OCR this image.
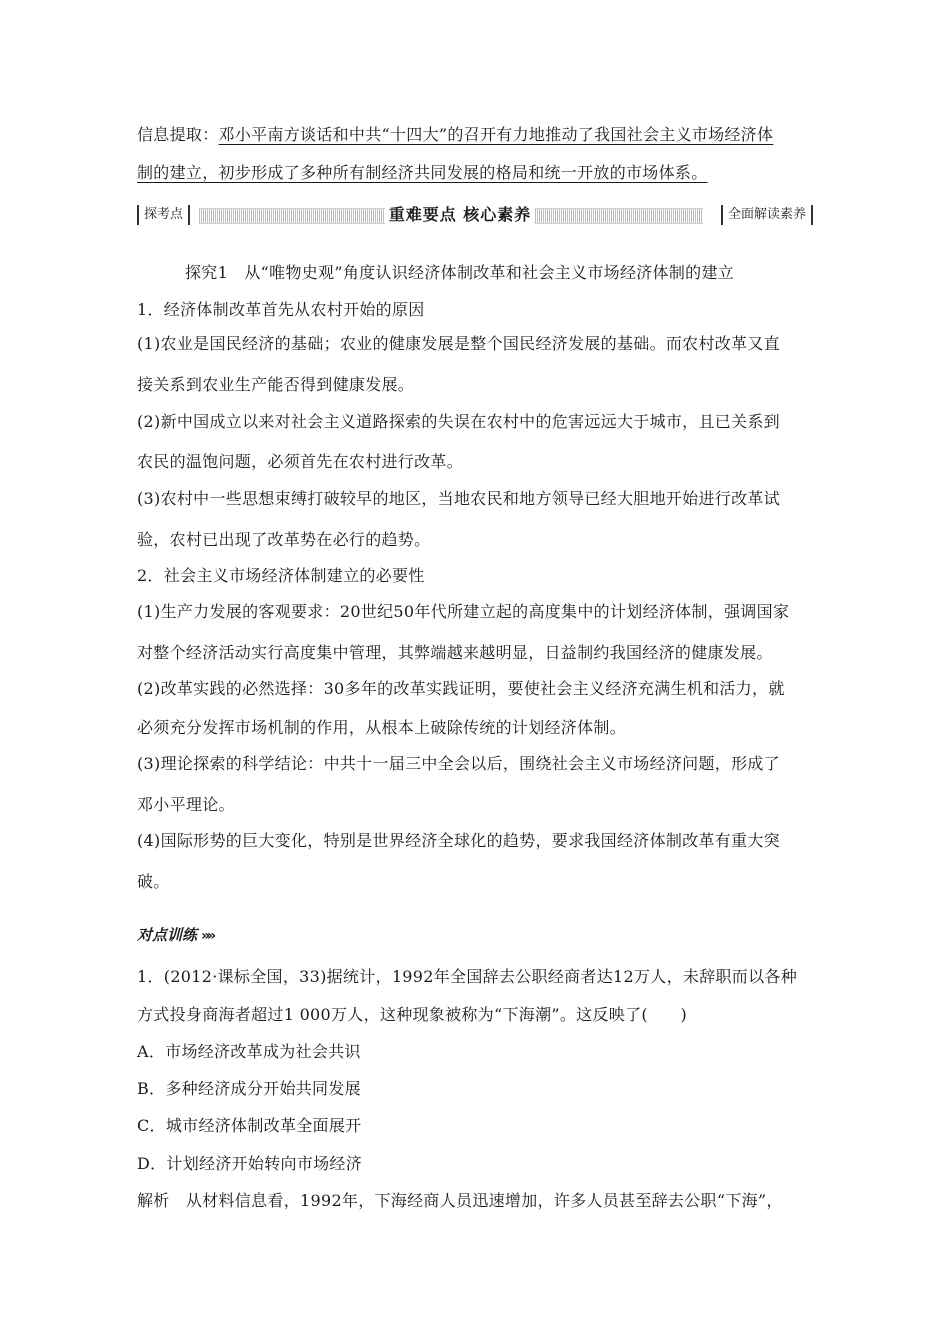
信息提取：邓小平南方谈话和中共“十四大”的召开有力地推动了我国社会主义市场经济体
制的建立，初步形成了多种所有制经济共同发展的格局和统一开放的市场体系。
探考点	重难要点 核心素养	全面解读素养
探究1　从“唯物史观”角度认识经济体制改革和社会主义市场经济体制的建立
1．经济体制改革首先从农村开始的原因
(1)农业是国民经济的基础；农业的健康发展是整个国民经济发展的基础。而农村改革又直
接关系到农业生产能否得到健康发展。
(2)新中国成立以来对社会主义道路探索的失误在农村中的危害远远大于城市，且已关系到
农民的温饱问题，必须首先在农村进行改革。
(3)农村中一些思想束缚打破较早的地区，当地农民和地方领导已经大胆地开始进行改革试
验，农村已出现了改革势在必行的趋势。
2．社会主义市场经济体制建立的必要性
(1)生产力发展的客观要求：20世纪50年代所建立起的高度集中的计划经济体制，强调国家
对整个经济活动实行高度集中管理，其弊端越来越明显，日益制约我国经济的健康发展。
(2)改革实践的必然选择：30多年的改革实践证明，要使社会主义经济充满生机和活力，就
必须充分发挥市场机制的作用，从根本上破除传统的计划经济体制。
(3)理论探索的科学结论：中共十一届三中全会以后，围绕社会主义市场经济问题，形成了
邓小平理论。
(4)国际形势的巨大变化，特别是世界经济全球化的趋势，要求我国经济体制改革有重大突
破。
对点训练 »»
1．(2012·课标全国，33)据统计，1992年全国辞去公职经商者达12万人，未辞职而以各种
方式投身商海者超过1 000万人，这种现象被称为“下海潮”。这反映了(　　)
A．市场经济改革成为社会共识
B．多种经济成分开始共同发展
C．城市经济体制改革全面展开
D．计划经济开始转向市场经济
解析　从材料信息看，1992年，下海经商人员迅速增加，许多人员甚至辞去公职“下海”，
